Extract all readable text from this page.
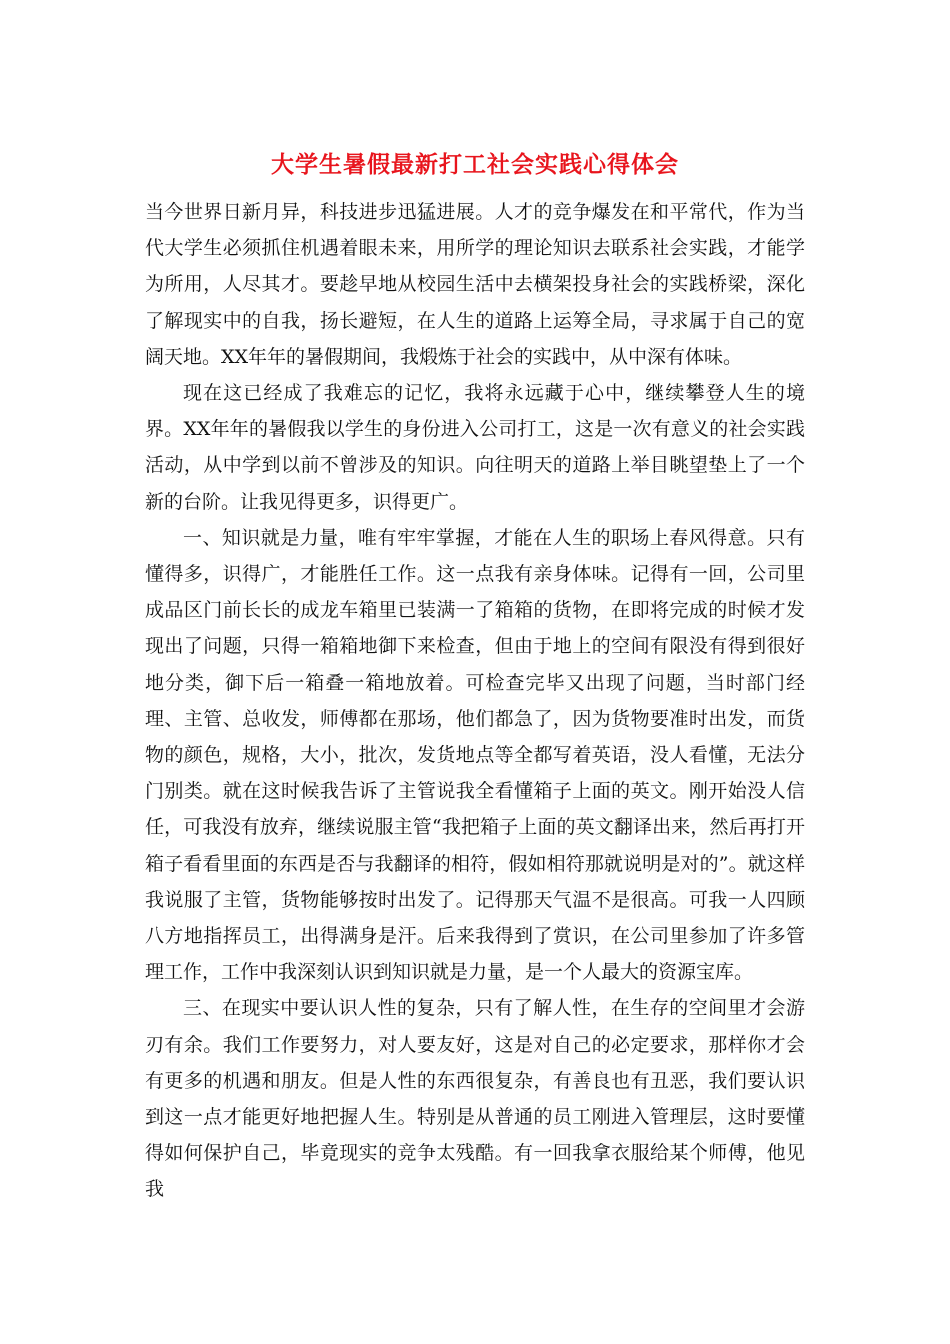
大学生暑假最新打工社会实践心得体会

当今世界日新月异，科技进步迅猛进展。人才的竞争爆发在和平常代，作为当代大学生必须抓住机遇着眼未来，用所学的理论知识去联系社会实践，才能学为所用，人尽其才。要趁早地从校园生活中去横架投身社会的实践桥梁，深化了解现实中的自我，扬长避短，在人生的道路上运筹全局，寻求属于自己的宽阔天地。XX年年的暑假期间，我煅炼于社会的实践中，从中深有体味。

现在这已经成了我难忘的记忆，我将永远藏于心中，继续攀登人生的境界。XX年年的暑假我以学生的身份进入公司打工，这是一次有意义的社会实践活动，从中学到以前不曾涉及的知识。向往明天的道路上举目眺望垫上了一个新的台阶。让我见得更多，识得更广。

一、知识就是力量，唯有牢牢掌握，才能在人生的职场上春风得意。只有懂得多，识得广，才能胜任工作。这一点我有亲身体味。记得有一回，公司里成品区门前长长的成龙车箱里已装满一了箱箱的货物，在即将完成的时候才发现出了问题，只得一箱箱地御下来检查，但由于地上的空间有限没有得到很好地分类，御下后一箱叠一箱地放着。可检查完毕又出现了问题，当时部门经理、主管、总收发，师傅都在那场，他们都急了，因为货物要准时出发，而货物的颜色，规格，大小，批次，发货地点等全都写着英语，没人看懂，无法分门别类。就在这时候我告诉了主管说我全看懂箱子上面的英文。刚开始没人信任，可我没有放弃，继续说服主管“我把箱子上面的英文翻译出来，然后再打开箱子看看里面的东西是否与我翻译的相符，假如相符那就说明是对的”。就这样我说服了主管，货物能够按时出发了。记得那天气温不是很高。可我一人四顾八方地指挥员工，出得满身是汗。后来我得到了赏识，在公司里参加了许多管理工作，工作中我深刻认识到知识就是力量，是一个人最大的资源宝库。

三、在现实中要认识人性的复杂，只有了解人性，在生存的空间里才会游刃有余。我们工作要努力，对人要友好，这是对自己的必定要求，那样你才会有更多的机遇和朋友。但是人性的东西很复杂，有善良也有丑恶，我们要认识到这一点才能更好地把握人生。特别是从普通的员工刚进入管理层，这时要懂得如何保护自己，毕竟现实的竞争太残酷。有一回我拿衣服给某个师傅，他见我
